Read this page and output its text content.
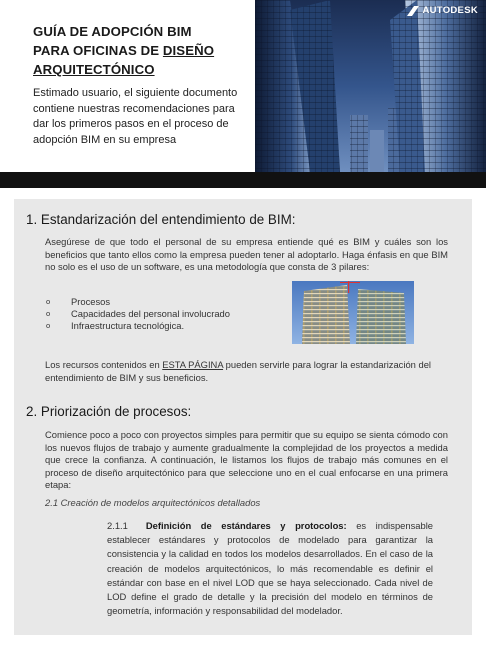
GUÍA DE ADOPCIÓN BIM
PARA OFICINAS DE DISEÑO
ARQUITECTÓNICO

Estimado usuario, el siguiente documento contiene nuestras recomendaciones para dar los primeros pasos en el proceso de adopción BIM en su empresa

AUTODESK
1. Estandarización del entendimiento de BIM:

Asegúrese de que todo el personal de su empresa entiende qué es BIM y cuáles son los beneficios que tanto ellos como la empresa pueden tener al adoptarlo. Haga énfasis en que BIM no solo es el uso de un software, es una metodología que consta de 3 pilares:

o	Procesos
o	Capacidades del personal involucrado
o	Infraestructura tecnológica.

Los recursos contenidos en ESTA PÁGINA pueden servirle para lograr la estandarización del entendimiento de BIM y sus beneficios.

2. Priorización de procesos:

Comience poco a poco con proyectos simples para permitir que su equipo se sienta cómodo con los nuevos flujos de trabajo y aumente gradualmente la complejidad de los proyectos a medida que crece la confianza. A continuación, le listamos los flujos de trabajo más comunes en el proceso de diseño arquitectónico para que seleccione uno en el cual enfocarse en una primera etapa:

2.1 Creación de modelos arquitectónicos detallados

2.1.1 Definición de estándares y protocolos: es indispensable establecer estándares y protocolos de modelado para garantizar la consistencia y la calidad en todos los modelos desarrollados. En el caso de la creación de modelos arquitectónicos, lo más recomendable es definir el estándar con base en el nivel LOD que se haya seleccionado. Cada nivel de LOD define el grado de detalle y la precisión del modelo en términos de geometría, información y responsabilidad del modelador.
